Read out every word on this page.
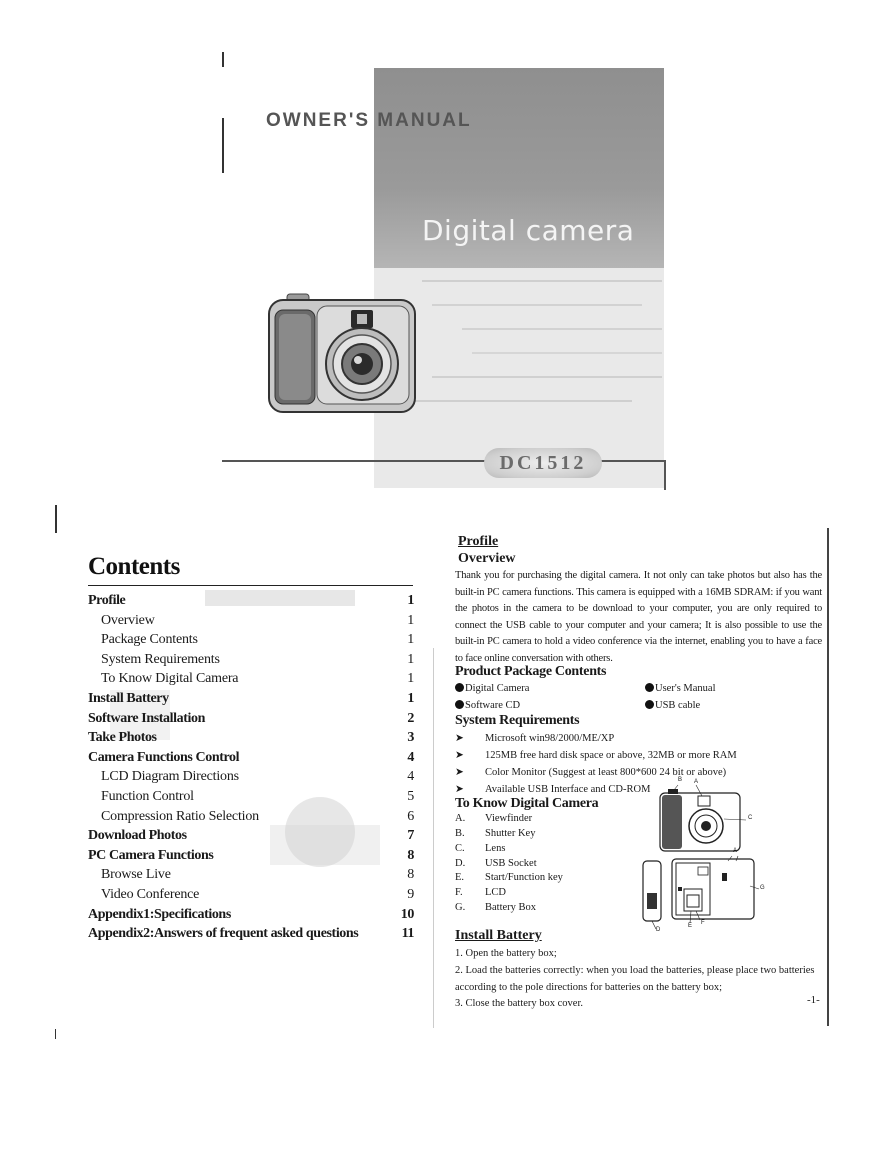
OWNER'S MANUAL
Digital camera
DC1512
Contents
Profile	1
Overview	1
Package Contents	1
System Requirements	1
To Know Digital Camera	1
Install Battery	1
Software Installation	2
Take Photos	3
Camera Functions Control	4
LCD Diagram Directions	4
Function Control	5
Compression Ratio Selection	6
Download Photos	7
PC Camera Functions	8
Browse Live	8
Video Conference	9
Appendix1:Specifications	10
Appendix2:Answers of frequent asked questions	11
Profile
Overview
Thank you for purchasing the digital camera. It not only can take photos but also has the built-in PC camera functions. This camera is equipped with a 16MB SDRAM: if you want the photos in the camera to be download to your computer, you are only required to connect the USB cable to your computer and your camera; It is also possible to use the built-in PC camera to hold a video conference via the internet, enabling you to have a face to face online conversation with others.
Product Package Contents
Digital Camera	User's Manual
Software CD	USB cable
System Requirements
➤ Microsoft win98/2000/ME/XP
➤ 125MB free hard disk space or above, 32MB or more RAM
➤ Color Monitor (Suggest at least 800*600 24 bit or above)
➤ Available USB Interface and CD-ROM
To Know Digital Camera
A. Viewfinder
B. Shutter Key
C. Lens
D. USB Socket
E. Start/Function key
F. LCD
G. Battery Box
B A
C
A
G
D
E F
Install Battery
1. Open the battery box;
2. Load the batteries correctly: when you load the batteries, please place two batteries according to the pole directions for batteries on the battery box;
3. Close the battery box cover.	-1-
